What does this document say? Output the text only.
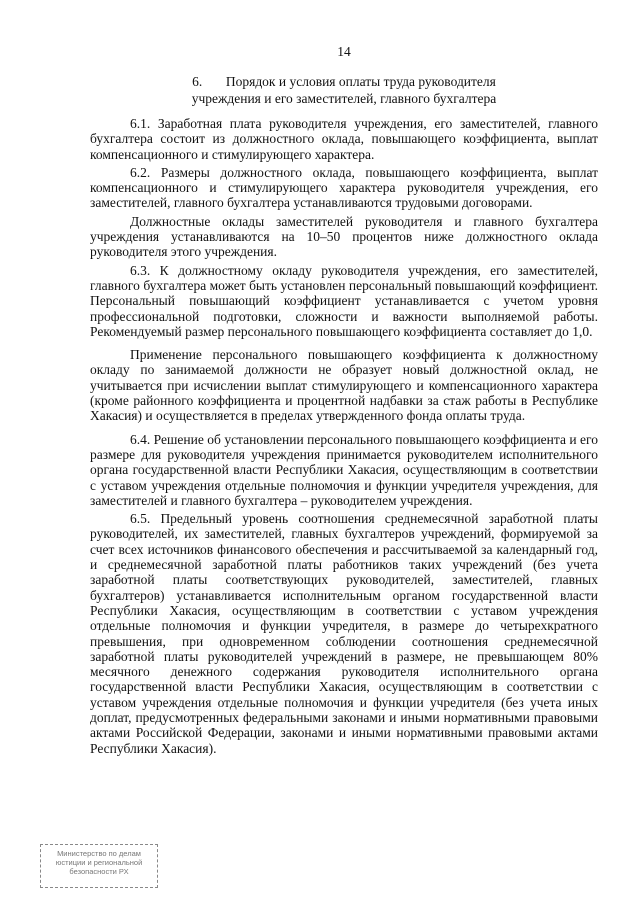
14
6.       Порядок и условия оплаты труда руководителя
учреждения и его заместителей, главного бухгалтера

6.1. Заработная плата руководителя учреждения, его заместителей, главного бухгалтера состоит из должностного оклада, повышающего коэффициента, выплат компенсационного и стимулирующего характера.

6.2. Размеры должностного оклада, повышающего коэффициента, выплат компенсационного и стимулирующего характера руководителя учреждения, его заместителей, главного бухгалтера устанавливаются трудовыми договорами.

Должностные оклады заместителей руководителя и главного бухгалтера учреждения устанавливаются на 10–50 процентов ниже должностного оклада руководителя этого учреждения.

6.3. К должностному окладу руководителя учреждения, его заместителей, главного бухгалтера может быть установлен персональный повышающий коэффициент. Персональный повышающий коэффициент устанавливается с учетом уровня профессиональной подготовки, сложности и важности выполняемой работы. Рекомендуемый размер персонального повышающего коэффициента составляет до 1,0.

Применение персонального повышающего коэффициента к должностному окладу по занимаемой должности не образует новый должностной оклад, не учитывается при исчислении выплат стимулирующего и компенсационного характера (кроме районного коэффициента и процентной надбавки за стаж работы в Республике Хакасия) и осуществляется в пределах утвержденного фонда оплаты труда.

6.4. Решение об установлении персонального повышающего коэффициента и его размере для руководителя учреждения принимается руководителем исполнительного органа государственной власти Республики Хакасия, осуществляющим в соответствии с уставом учреждения отдельные полномочия и функции учредителя учреждения, для заместителей и главного бухгалтера – руководителем учреждения.

6.5. Предельный уровень соотношения среднемесячной заработной платы руководителей, их заместителей, главных бухгалтеров учреждений, формируемой за счет всех источников финансового обеспечения и рассчитываемой за календарный год, и среднемесячной заработной платы работников таких учреждений (без учета заработной платы соответствующих руководителей, заместителей, главных бухгалтеров) устанавливается исполнительным органом государственной власти Республики Хакасия, осуществляющим в соответствии с уставом учреждения отдельные полномочия и функции учредителя, в размере до четырехкратного превышения, при одновременном соблюдении соотношения среднемесячной заработной платы руководителей учреждений в размере, не превышающем 80% месячного денежного содержания руководителя исполнительного органа государственной власти Республики Хакасия, осуществляющим в соответствии с уставом учреждения отдельные полномочия и функции учредителя (без учета иных доплат, предусмотренных федеральными законами и иными нормативными правовыми актами Российской Федерации, законами и иными нормативными правовыми актами Республики Хакасия).

Министерство по делам
юстиции и региональной
безопасности РХ
